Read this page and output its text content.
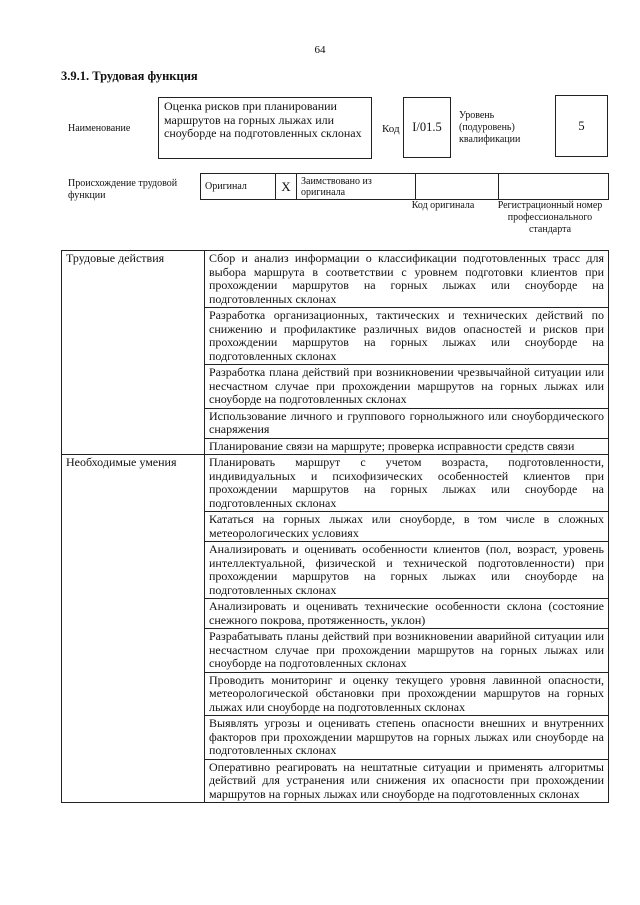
64
3.9.1. Трудовая функция
Наименование
Оценка рисков при планировании маршрутов на горных лыжах или сноуборде на подготовленных склонах	Код	I/01.5
Уровень (подуровень) квалификации
5
Происхождение трудовой функции
Оригинал	X	Заимствовано из оригинала		
Код оригинала	Регистрационный номер профессионального стандарта
Трудовые действия	Сбор и анализ информации о классификации подготовленных трасс для выбора маршрута в соответствии с уровнем подготовки клиентов при прохождении маршрутов на горных лыжах или сноуборде на подготовленных склонах
	Разработка организационных, тактических и технических действий по снижению и профилактике различных видов опасностей и рисков при прохождении маршрутов на горных лыжах или сноуборде на подготовленных склонах
	Разработка плана действий при возникновении чрезвычайной ситуации или несчастном случае при прохождении маршрутов на горных лыжах или сноуборде на подготовленных склонах
	Использование личного и группового горнолыжного или сноубордического снаряжения
	Планирование связи на маршруте; проверка исправности средств связи
Необходимые умения	Планировать маршрут с учетом возраста, подготовленности, индивидуальных и психофизических особенностей клиентов при прохождении маршрутов на горных лыжах или сноуборде на подготовленных склонах
	Кататься на горных лыжах или сноуборде, в том числе в сложных метеорологических условиях
	Анализировать и оценивать особенности клиентов (пол, возраст, уровень интеллектуальной, физической и технической подготовленности) при прохождении маршрутов на горных лыжах или сноуборде на подготовленных склонах
	Анализировать и оценивать технические особенности склона (состояние снежного покрова, протяженность, уклон)
	Разрабатывать планы действий при возникновении аварийной ситуации или несчастном случае при прохождении маршрутов на горных лыжах или сноуборде на подготовленных склонах
	Проводить мониторинг и оценку текущего уровня лавинной опасности, метеорологической обстановки при прохождении маршрутов на горных лыжах или сноуборде на подготовленных склонах
	Выявлять угрозы и оценивать степень опасности внешних и внутренних факторов при прохождении маршрутов на горных лыжах или сноуборде на подготовленных склонах
	Оперативно реагировать на нештатные ситуации и применять алгоритмы действий для устранения или снижения их опасности при прохождении маршрутов на горных лыжах или сноуборде на подготовленных склонах
